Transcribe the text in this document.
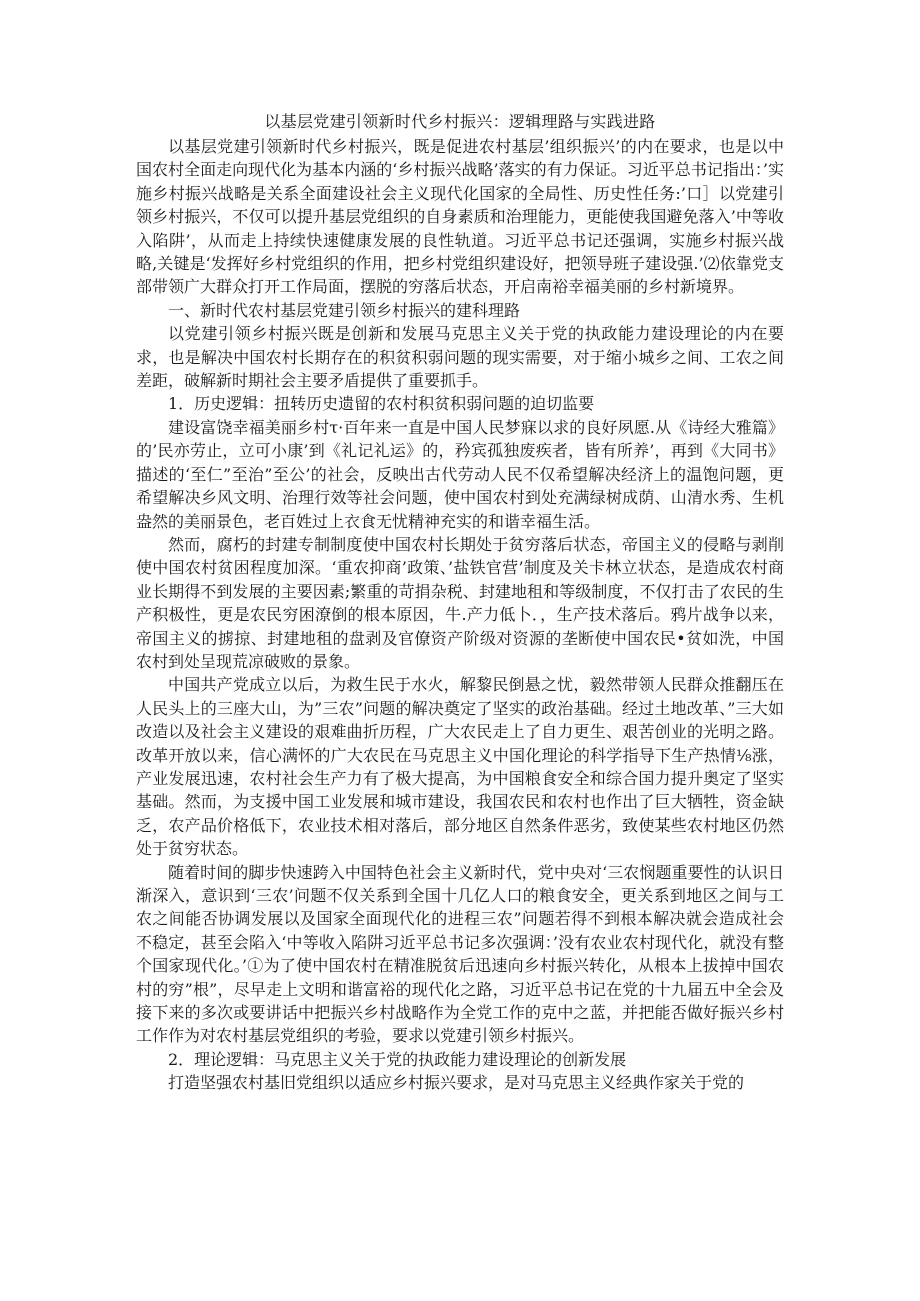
以基层党建引领新时代乡村振兴：逻辑理路与实践进路

以基层党建引领新时代乡村振兴，既是促进农村基层’组织振兴’的内在要求，也是以中国农村全面走向现代化为基本内涵的‘乡村振兴战略’落实的有力保证。习近平总书记指出：’实施乡村振兴战略是关系全面建设社会主义现代化国家的全局性、历史性任务:’口］以党建引领乡村振兴，不仅可以提升基层党组织的自身素质和治理能力，更能使我国避免落入’中等收入陷阱’，从而走上持续快速健康发展的良性轨道。习近平总书记还强调，实施乡村振兴战略,关键是‘发挥好乡村党组织的作用，把乡村党组织建设好，把领导班子建设强.’⑵依靠党支部带领广大群众打开工作局面，摆脱的穷落后状态，开启南裕幸福美丽的乡村新境界。

一、新时代农村基层党建引领乡村振兴的建科理路

以党建引领乡村振兴既是创新和发展马克思主义关于党的执政能力建设理论的内在要求，也是解决中国农村长期存在的积贫积弱问题的现实需要，对于缩小城乡之间、工农之间差距，破解新时期社会主要矛盾提供了重要抓手。

1．历史逻辑：扭转历史遗留的农村积贫积弱问题的迫切监要

建设富饶幸福美丽乡村τ·百年来一直是中国人民梦寐以求的良好夙愿.从《诗经大雅篇》的’民亦劳止，立可小康’到《礼记礼运》的，矜宾孤独废疾者，皆有所养’，再到《大同书》描述的‘至仁”至治”至公’的社会，反映出古代劳动人民不仅希望解决经济上的温饱问题，更希望解决乡风文明、治理行效等社会问题，使中国农村到处充满绿树成荫、山清水秀、生机盎然的美丽景色，老百姓过上衣食无忧精神充实的和谐幸福生活。

然而，腐朽的封建专制制度使中国农村长期处于贫穷落后状态，帝国主义的侵略与剥削使中国农村贫困程度加深。‘重农抑商’政策、’盐铁官营’制度及关卡林立状态，是造成农村商业长期得不到发展的主要因素;繁重的苛捐杂税、封建地租和等级制度，不仅打击了农民的生产积极性，更是农民穷困潦倒的根本原因，牛.产力低卜．，生产技术落后。鸦片战争以来，帝国主义的掳掠、封建地租的盘剥及官僚资产阶级对资源的垄断使中国农民•贫如洗，中国农村到处呈现荒凉破败的景象。

中国共产党成立以后，为救生民于水火，解黎民倒悬之忧，毅然带领人民群众推翻压在人民头上的三座大山，为”三农”问题的解决奠定了坚实的政治基础。经过土地改革、”三大如改造以及社会主义建设的艰难曲折历程，广大农民走上了自力更生、艰苦创业的光明之路。改革开放以来，信心满怀的广大农民在马克思主义中国化理论的科学指导下生产热情⅛涨，产业发展迅速，农村社会生产力有了极大提高，为中国粮食安全和综合国力提升奥定了坚实基础。然而，为支援中国工业发展和城市建设，我国农民和农村也作出了巨大牺牲，资金缺乏，农产品价格低下，农业技术相对落后，部分地区自然条件恶劣，致使某些农村地区仍然处于贫穷状态。

随着时间的脚步快速跨入中国特色社会主义新时代，党中央对‘三农悯题重要性的认识日渐深入，意识到‘三农’问题不仅关系到全国十几亿人口的粮食安全，更关系到地区之间与工农之间能否协调发展以及国家全面现代化的进程三农”问题若得不到根本解决就会造成社会不稳定，甚至会陷入‘中等收入陷阱习近平总书记多次强调：’没有农业农村现代化，就没有整个国家现代化。’①为了使中国农村在精准脱贫后迅速向乡村振兴转化，从根本上拔掉中国农村的穷”根”，尽早走上文明和谐富裕的现代化之路，习近平总书记在党的十九届五中全会及接下来的多次或要讲话中把振兴乡村战略作为全党工作的克中之蓝，并把能否做好振兴乡村工作作为对农村基层党组织的考验，要求以党建引领乡村振兴。

2．理论逻辑：马克思主义关于党的执政能力建设理论的创新发展

打造坚强农村基旧党组织以适应乡村振兴要求，是对马克思主义经典作家关于党的
